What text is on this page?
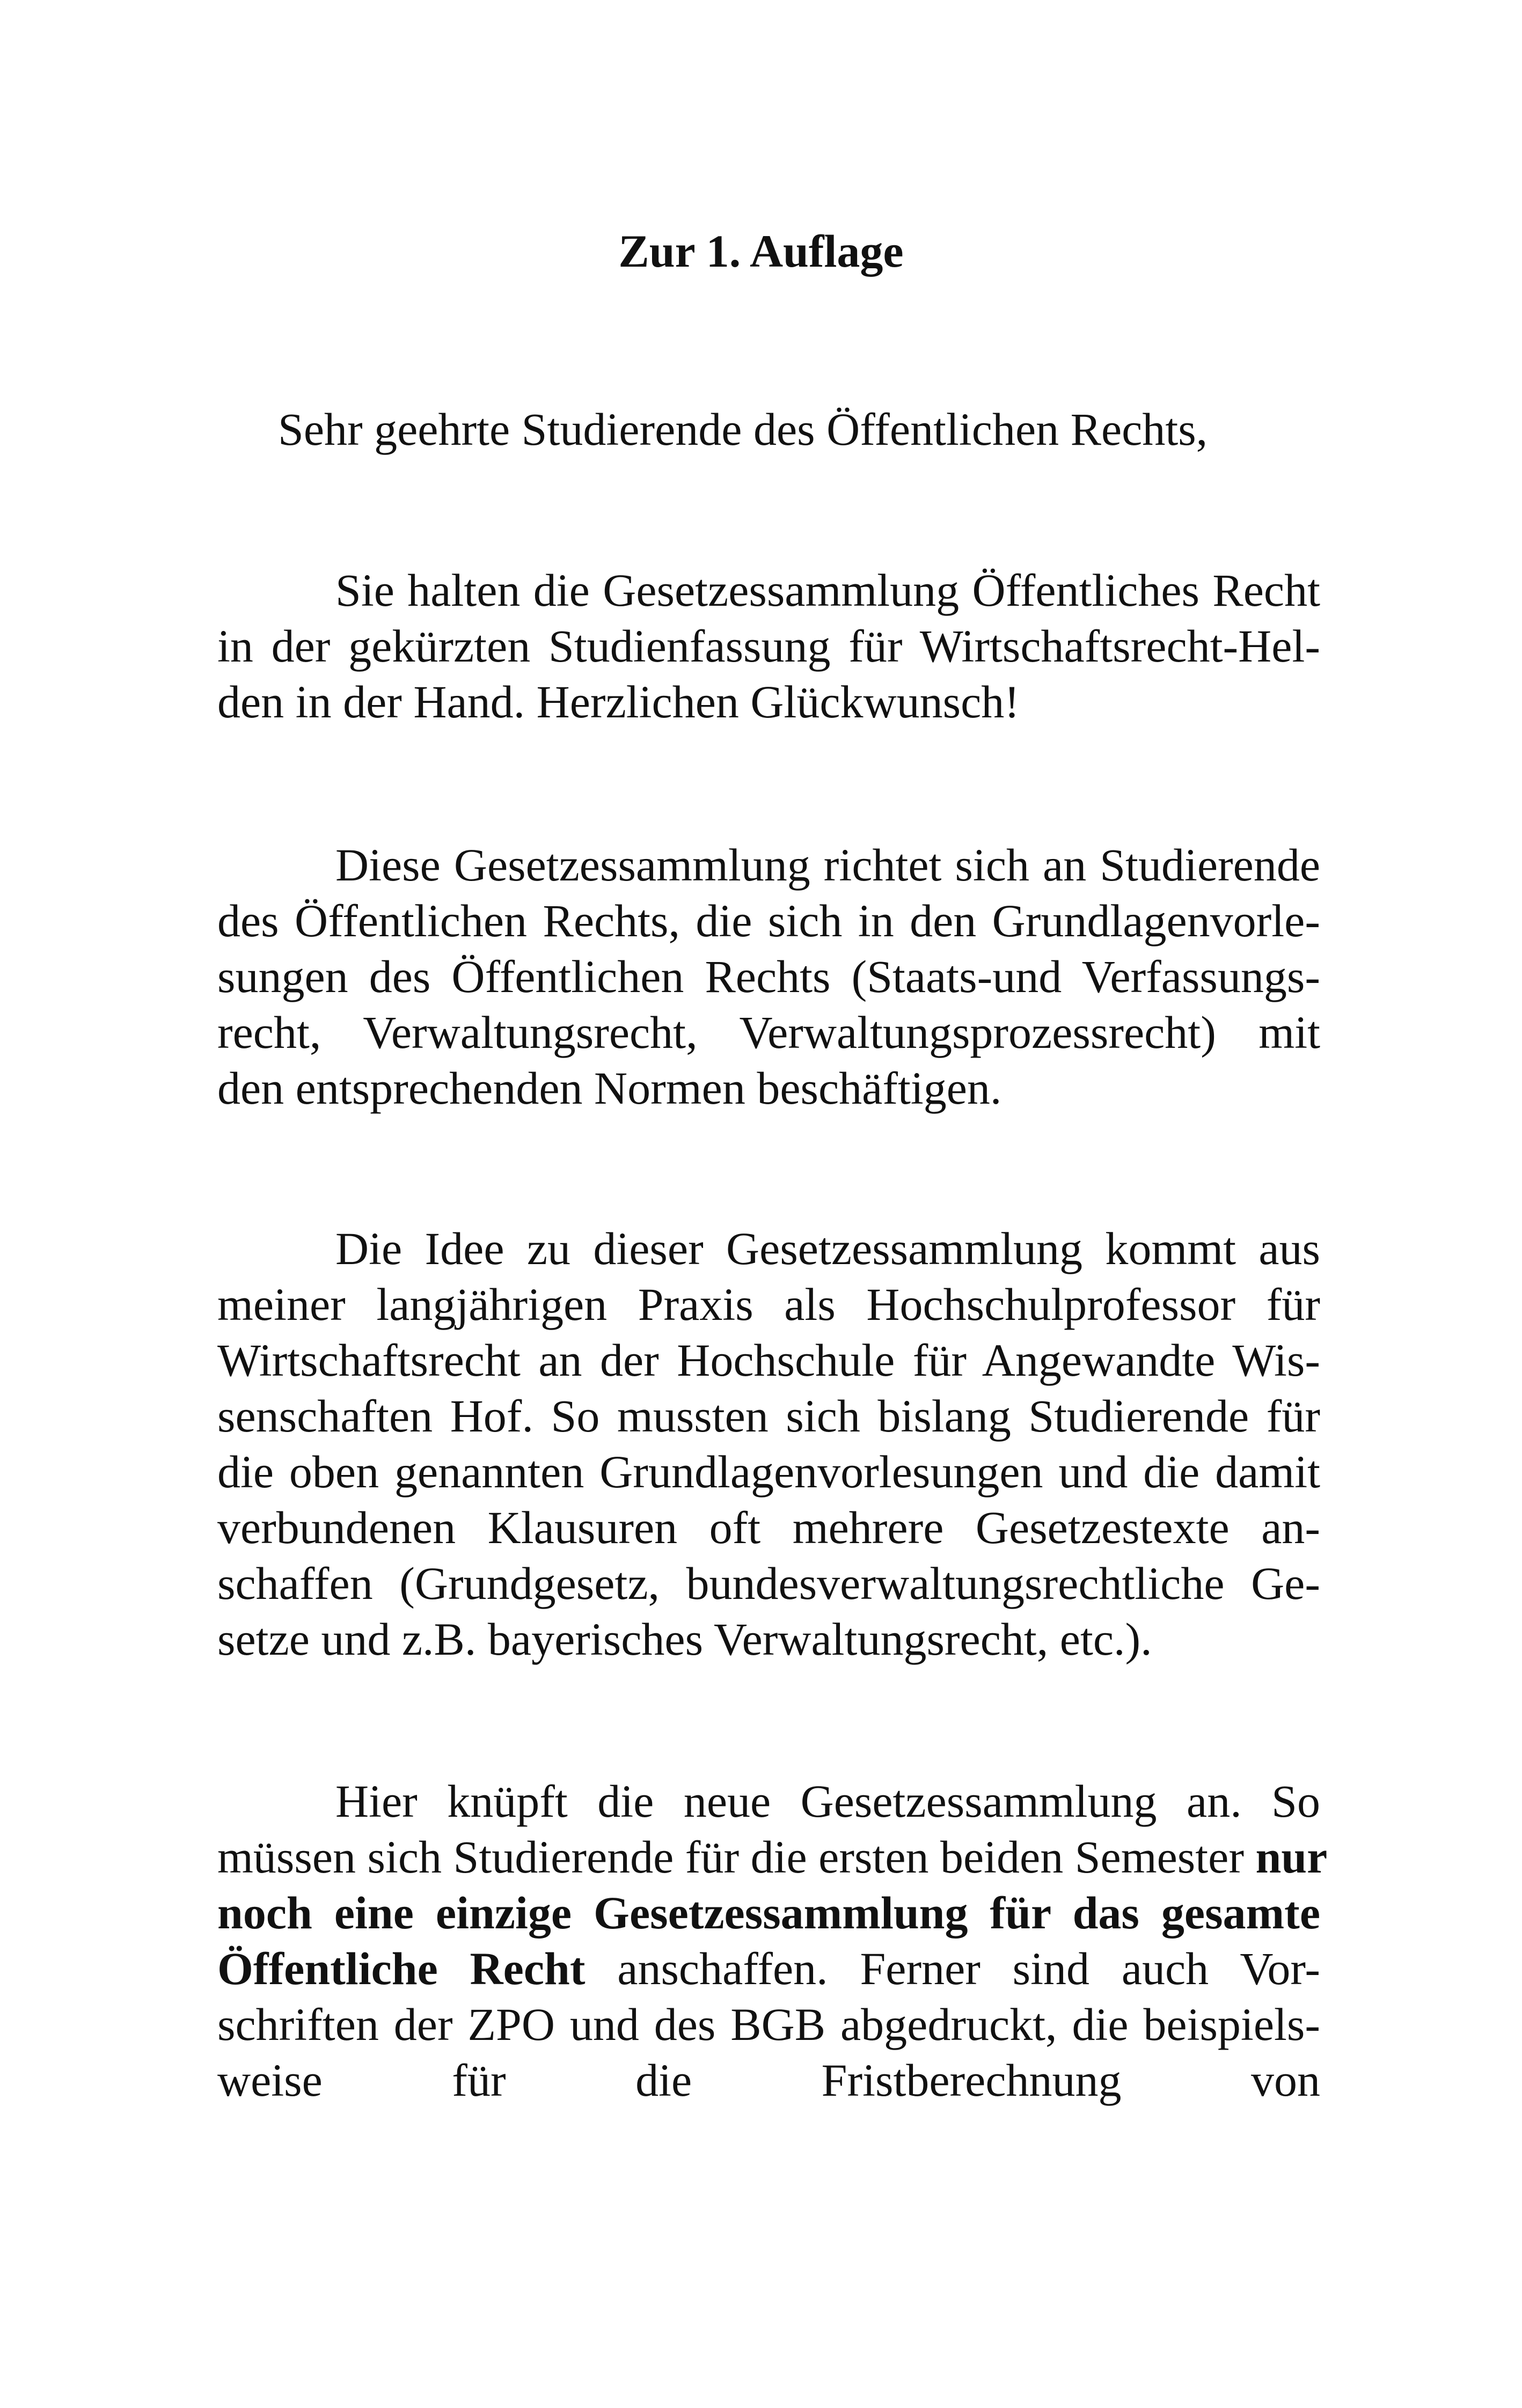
Zur 1. Auflage

Sehr geehrte Studierende des Öffentlichen Rechts,

Sie halten die Gesetzessammlung Öffentliches Recht
in der gekürzten Studienfassung für Wirtschaftsrecht-Hel-
den in der Hand. Herzlichen Glückwunsch!
Diese Gesetzessammlung richtet sich an Studierende
des Öffentlichen Rechts, die sich in den Grundlagenvorle-
sungen des Öffentlichen Rechts (Staats-und Verfassungs-
recht, Verwaltungsrecht, Verwaltungsprozessrecht) mit
den entsprechenden Normen beschäftigen.
Die Idee zu dieser Gesetzessammlung kommt aus
meiner langjährigen Praxis als Hochschulprofessor für
Wirtschaftsrecht an der Hochschule für Angewandte Wis-
senschaften Hof. So mussten sich bislang Studierende für
die oben genannten Grundlagenvorlesungen und die damit
verbundenen Klausuren oft mehrere Gesetzestexte an-
schaffen (Grundgesetz, bundesverwaltungsrechtliche Ge-
setze und z.B. bayerisches Verwaltungsrecht, etc.).
Hier knüpft die neue Gesetzessammlung an. So
müssen sich Studierende für die ersten beiden Semester nur
noch eine einzige Gesetzessammlung für das gesamte
Öffentliche Recht anschaffen. Ferner sind auch Vor-
schriften der ZPO und des BGB abgedruckt, die beispiels-
weise für die Fristberechnung von
